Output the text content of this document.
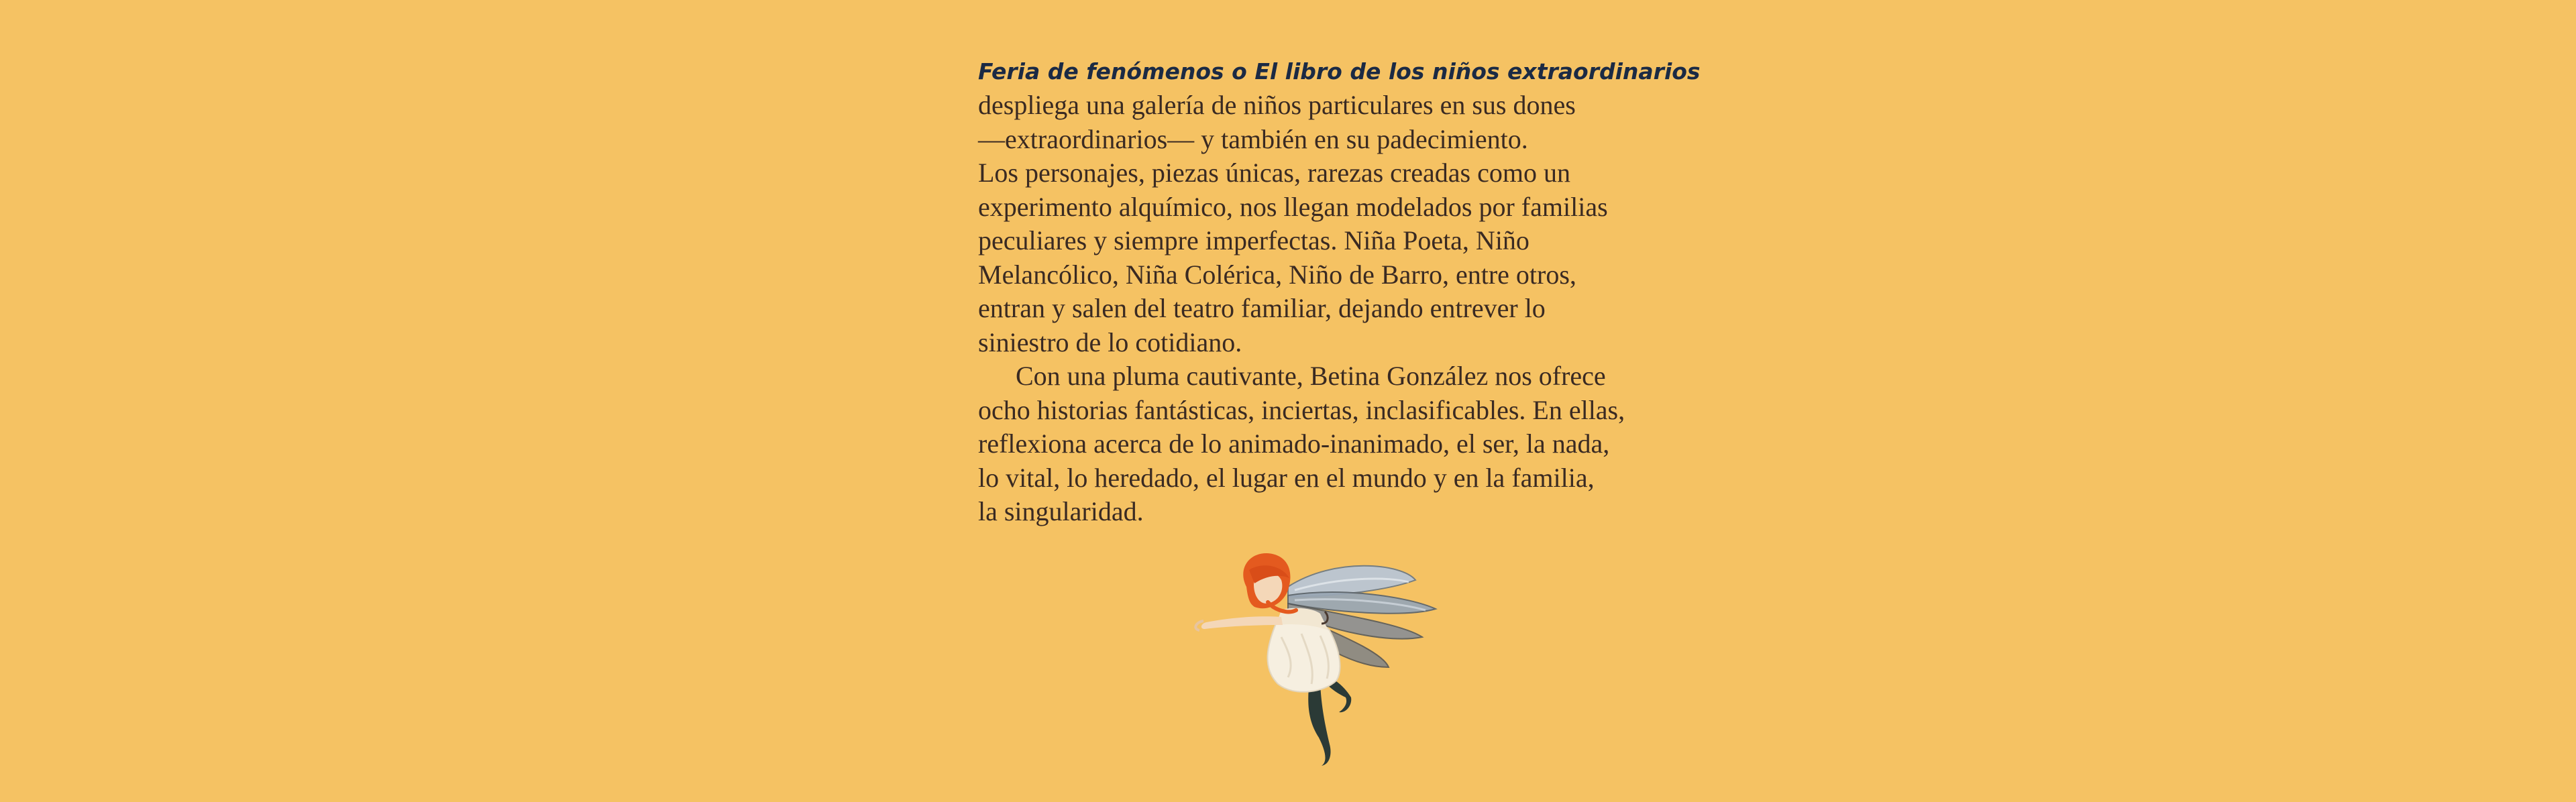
Feria de fenómenos o El libro de los niños extraordinarios

despliega una galería de niños particulares en sus dones
—extraordinarios— y también en su padecimiento.
Los personajes, piezas únicas, rarezas creadas como un
experimento alquímico, nos llegan modelados por familias
peculiares y siempre imperfectas. Niña Poeta, Niño
Melancólico, Niña Colérica, Niño de Barro, entre otros,
entran y salen del teatro familiar, dejando entrever lo
siniestro de lo cotidiano.
Con una pluma cautivante, Betina González nos ofrece
ocho historias fantásticas, inciertas, inclasificables. En ellas,
reflexiona acerca de lo animado-inanimado, el ser, la nada,
lo vital, lo heredado, el lugar en el mundo y en la familia,
la singularidad.
